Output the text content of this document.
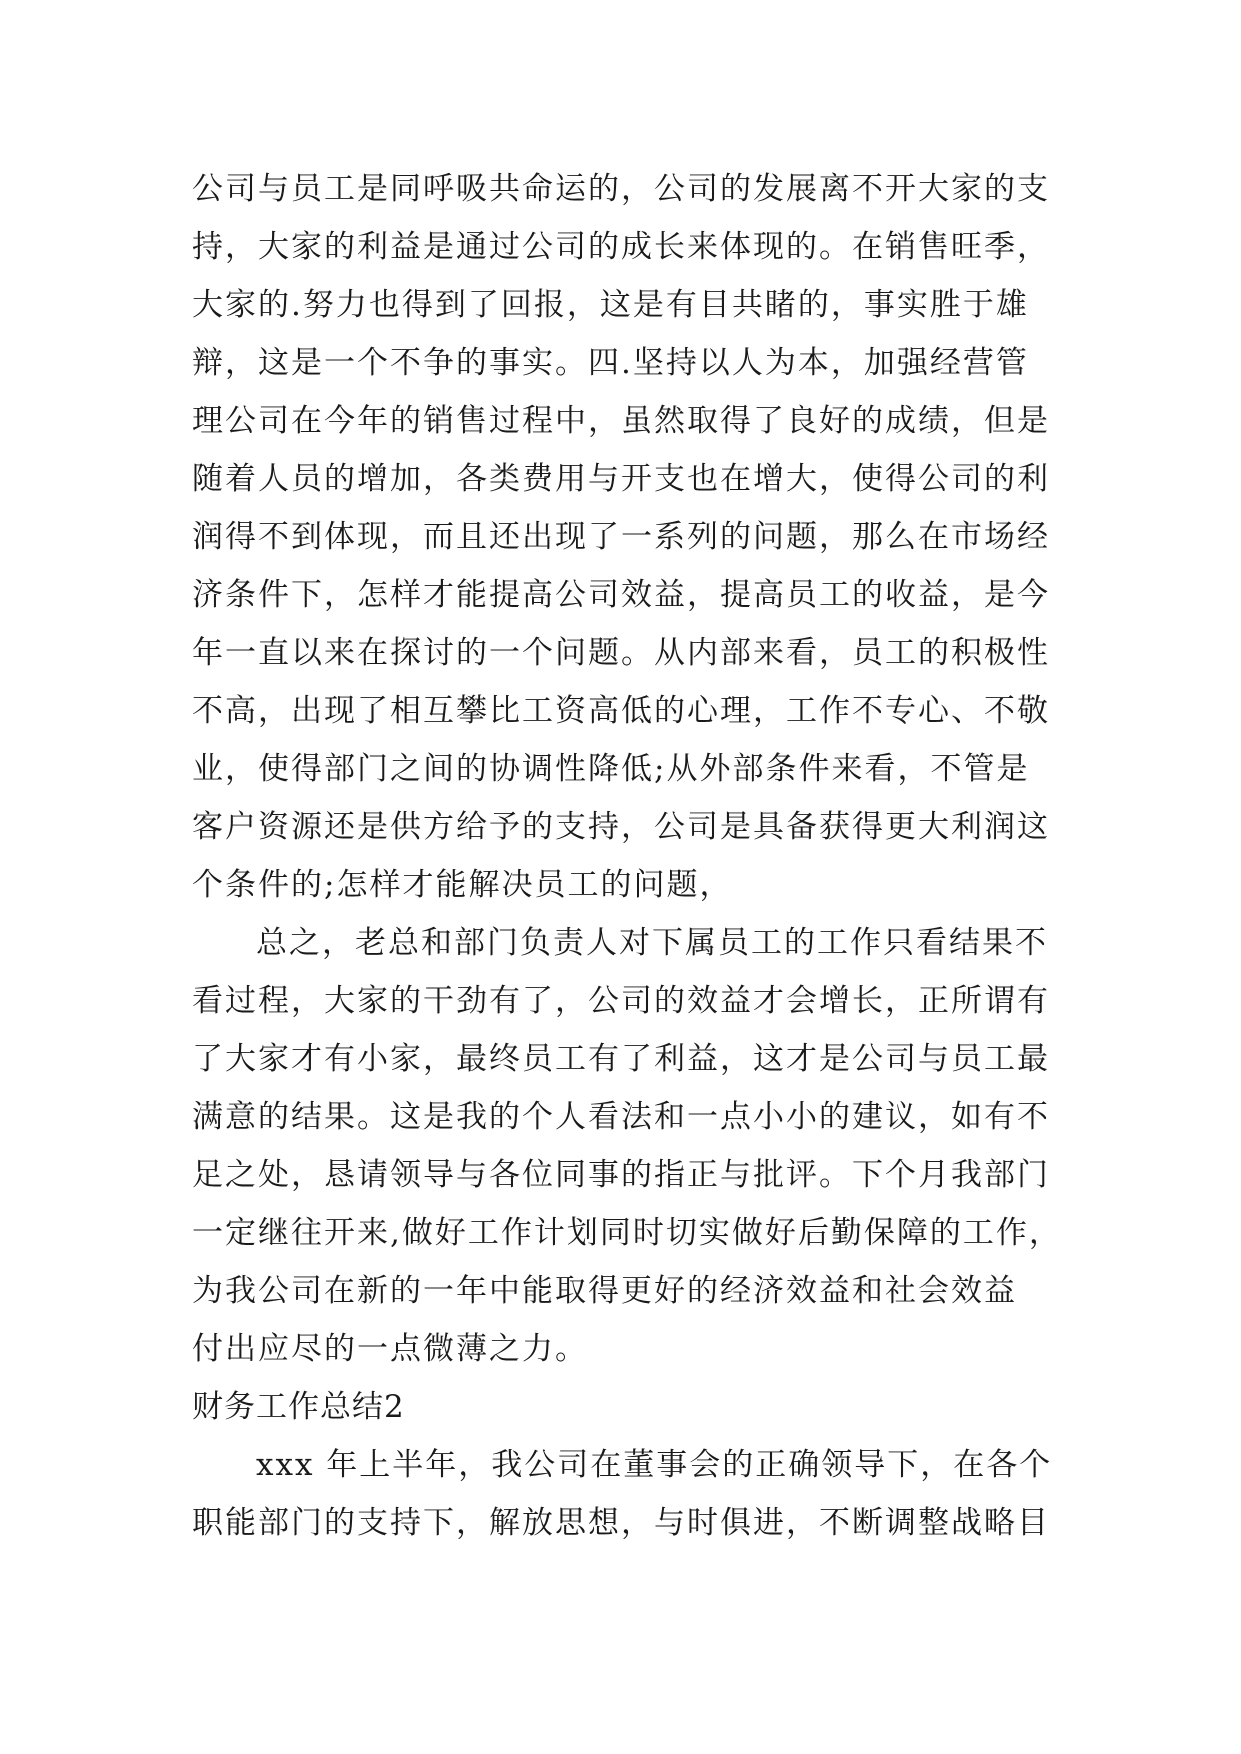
公司与员工是同呼吸共命运的，公司的发展离不开大家的支
持，大家的利益是通过公司的成长来体现的。在销售旺季，
大家的.努力也得到了回报，这是有目共睹的，事实胜于雄
辩，这是一个不争的事实。四.坚持以人为本，加强经营管
理公司在今年的销售过程中，虽然取得了良好的成绩，但是
随着人员的增加，各类费用与开支也在增大，使得公司的利
润得不到体现，而且还出现了一系列的问题，那么在市场经
济条件下，怎样才能提高公司效益，提高员工的收益，是今
年一直以来在探讨的一个问题。从内部来看，员工的积极性
不高，出现了相互攀比工资高低的心理，工作不专心、不敬
业，使得部门之间的协调性降低;从外部条件来看，不管是
客户资源还是供方给予的支持，公司是具备获得更大利润这
个条件的;怎样才能解决员工的问题，
总之，老总和部门负责人对下属员工的工作只看结果不
看过程，大家的干劲有了，公司的效益才会增长，正所谓有
了大家才有小家，最终员工有了利益，这才是公司与员工最
满意的结果。这是我的个人看法和一点小小的建议，如有不
足之处，恳请领导与各位同事的指正与批评。下个月我部门
一定继往开来,做好工作计划同时切实做好后勤保障的工作，
为我公司在新的一年中能取得更好的经济效益和社会效益
付出应尽的一点微薄之力。
财务工作总结2
xxx 年上半年，我公司在董事会的正确领导下，在各个
职能部门的支持下，解放思想，与时俱进，不断调整战略目
